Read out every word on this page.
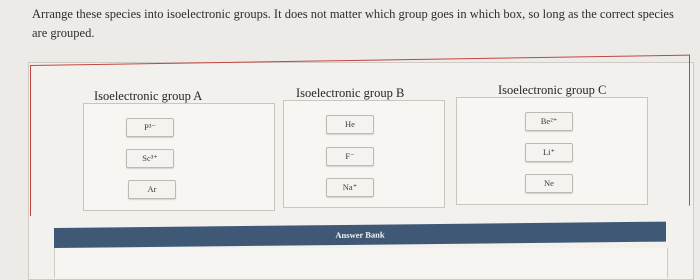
Arrange these species into isoelectronic groups. It does not matter which group goes in which box, so long as the correct species are grouped.
Isoelectronic group A
P³⁻
Sc³⁺
Ar
Isoelectronic group B
He
F⁻
Na⁺
Isoelectronic group C
Be²⁺
Li⁺
Ne
Answer Bank
